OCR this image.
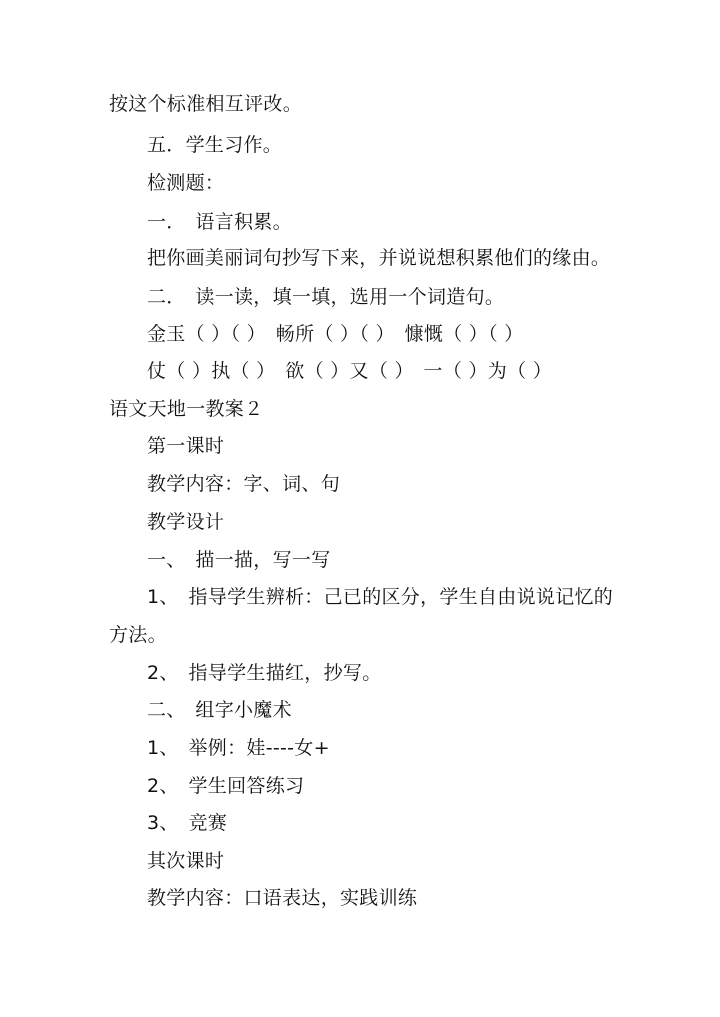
按这个标准相互评改。
五．学生习作。
检测题：
一．　语言积累。
把你画美丽词句抄写下来，并说说想积累他们的缘由。
二．　读一读，填一填，选用一个词造句。
金玉（ ）（ ）　畅所（ ）（ ）　慷慨（ ）（ ）
仗（ ）执（ ）　欲（ ）又（ ）　一（ ）为（ ）
语文天地一教案２
第一课时
教学内容：字、词、句
教学设计
一、　描一描，写一写
1、　指导学生辨析：己已的区分，学生自由说说记忆的
方法。
2、　指导学生描红，抄写。
二、　组字小魔术
1、　举例：娃----女+
2、　学生回答练习
3、　竞赛
其次课时
教学内容：口语表达，实践训练
